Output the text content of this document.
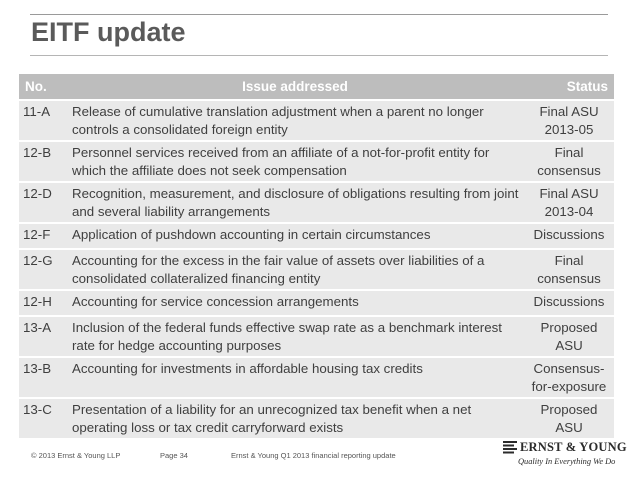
EITF update
No.	Issue addressed	Status
11-A	Release of cumulative translation adjustment when a parent no longer controls a consolidated foreign entity	Final ASU
2013-05

12-B	Personnel services received from an affiliate of a not-for-profit entity for which the affiliate does not seek compensation	Final
consensus

12-D	Recognition, measurement, and disclosure of obligations resulting from joint and several liability arrangements	Final ASU
2013-04

12-F	Application of pushdown accounting in certain circumstances	Discussions

12-G	Accounting for the excess in the fair value of assets over liabilities of a consolidated collateralized financing entity	Final
consensus

12-H	Accounting for service concession arrangements	Discussions

13-A	Inclusion of the federal funds effective swap rate as a benchmark interest rate for hedge accounting purposes	Proposed
ASU

13-B	Accounting for investments in affordable housing tax credits	Consensus-
for-exposure

13-C	Presentation of a liability for an unrecognized tax benefit when a net operating loss or tax credit carryforward exists	Proposed
ASU
© 2013 Ernst & Young LLP	Page 34	Ernst & Young Q1 2013 financial reporting update
ERNST & YOUNG
Quality In Everything We Do
